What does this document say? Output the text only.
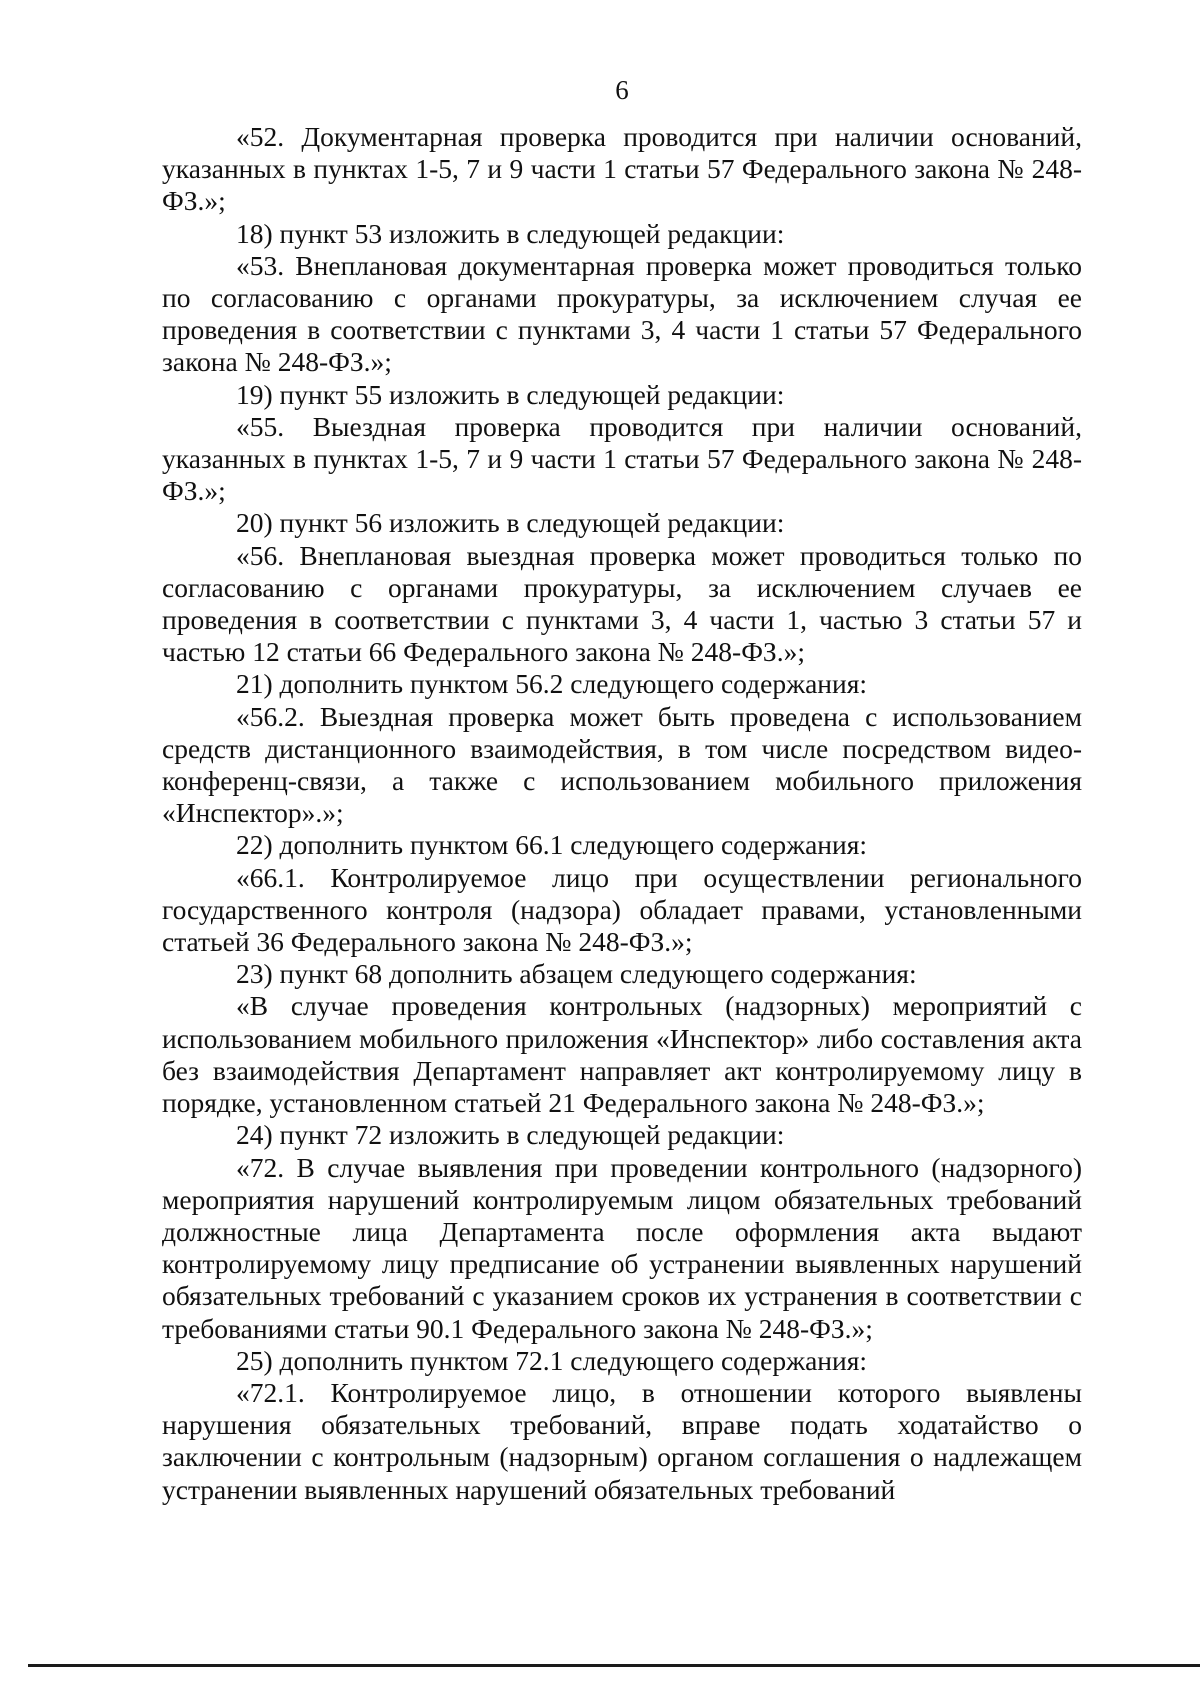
6

«52. Документарная проверка проводится при наличии оснований, указанных в пунктах 1-5, 7 и 9 части 1 статьи 57 Федерального закона № 248-ФЗ.»;

18) пункт 53 изложить в следующей редакции:

«53. Внеплановая документарная проверка может проводиться только по согласованию с органами прокуратуры, за исключением случая ее проведения в соответствии с пунктами 3, 4 части 1 статьи 57 Федерального закона № 248-ФЗ.»;

19) пункт 55 изложить в следующей редакции:

«55. Выездная проверка проводится при наличии оснований, указанных в пунктах 1-5, 7 и 9 части 1 статьи 57 Федерального закона № 248-ФЗ.»;

20) пункт 56 изложить в следующей редакции:

«56. Внеплановая выездная проверка может проводиться только по согласованию с органами прокуратуры, за исключением случаев ее проведения в соответствии с пунктами 3, 4 части 1, частью 3 статьи 57 и частью 12 статьи 66 Федерального закона № 248-ФЗ.»;

21) дополнить пунктом 56.2 следующего содержания:

«56.2. Выездная проверка может быть проведена с использованием средств дистанционного взаимодействия, в том числе посредством видео-конференц-связи, а также с использованием мобильного приложения «Инспектор».»;

22) дополнить пунктом 66.1 следующего содержания:

«66.1. Контролируемое лицо при осуществлении регионального государственного контроля (надзора) обладает правами, установленными статьей 36 Федерального закона № 248-ФЗ.»;

23) пункт 68 дополнить абзацем следующего содержания:

«В случае проведения контрольных (надзорных) мероприятий с использованием мобильного приложения «Инспектор» либо составления акта без взаимодействия Департамент направляет акт контролируемому лицу в порядке, установленном статьей 21 Федерального закона № 248-ФЗ.»;

24) пункт 72 изложить в следующей редакции:

«72. В случае выявления при проведении контрольного (надзорного) мероприятия нарушений контролируемым лицом обязательных требований должностные лица Департамента после оформления акта выдают контролируемому лицу предписание об устранении выявленных нарушений обязательных требований с указанием сроков их устранения в соответствии с требованиями статьи 90.1 Федерального закона № 248-ФЗ.»;

25) дополнить пунктом 72.1 следующего содержания:

«72.1. Контролируемое лицо, в отношении которого выявлены нарушения обязательных требований, вправе подать ходатайство о заключении с контрольным (надзорным) органом соглашения о надлежащем устранении выявленных нарушений обязательных требований
